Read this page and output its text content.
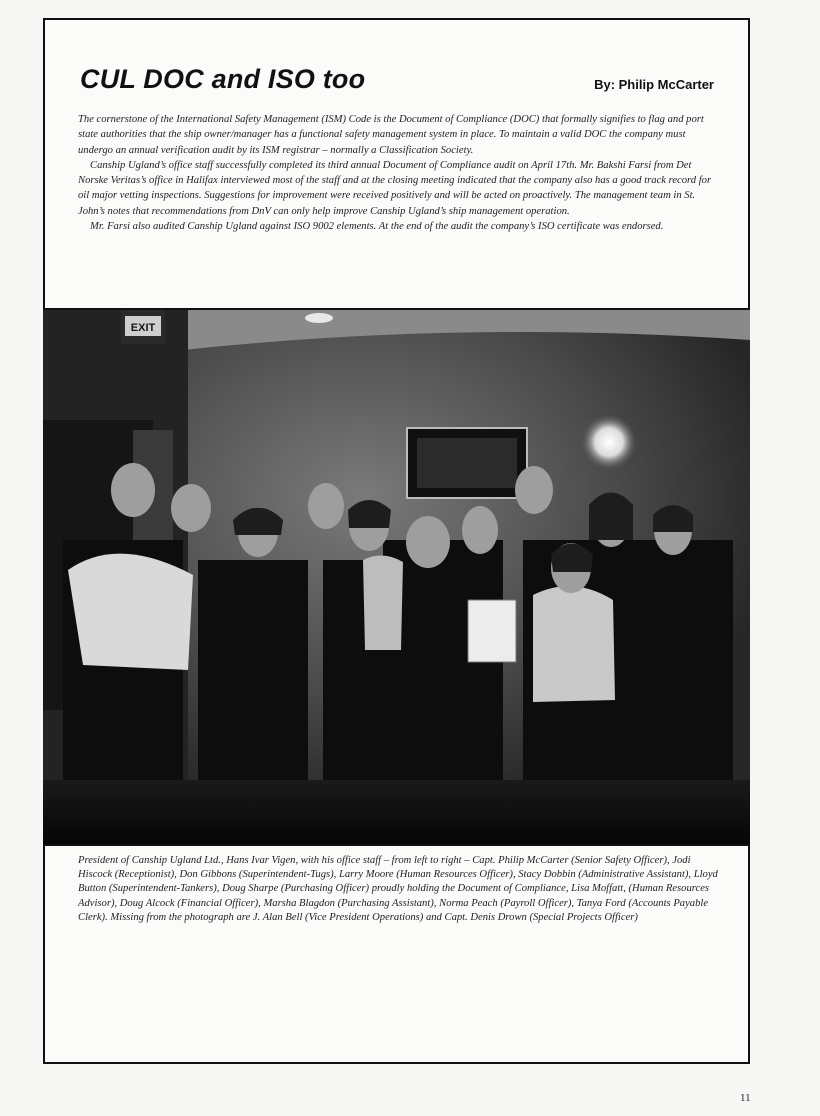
CUL DOC and ISO too	By: Philip McCarter

The cornerstone of the International Safety Management (ISM) Code is the Document of Compliance (DOC) that formally signifies to flag and port state authorities that the ship owner/manager has a functional safety management system in place. To maintain a valid DOC the company must undergo an annual verification audit by its ISM registrar – normally a Classification Society.

Canship Ugland’s office staff successfully completed its third annual Document of Compliance audit on April 17th. Mr. Bakshi Farsi from Det Norske Veritas’s office in Halifax interviewed most of the staff and at the closing meeting indicated that the company also has a good track record for oil major vetting inspections. Suggestions for improvement were received positively and will be acted on proactively. The management team in St. John’s notes that recommendations from DnV can only help improve Canship Ugland’s ship management operation.

Mr. Farsi also audited Canship Ugland against ISO 9002 elements. At the end of the audit the company’s ISO certificate was endorsed.

EXIT
President of Canship Ugland Ltd., Hans Ivar Vigen, with his office staff – from left to right – Capt. Philip McCarter (Senior Safety Officer), Jodi Hiscock (Receptionist), Don Gibbons (Superintendent-Tugs), Larry Moore (Human Resources Officer), Stacy Dobbin (Administrative Assistant), Lloyd Button (Superintendent-Tankers), Doug Sharpe (Purchasing Officer) proudly holding the Document of Compliance, Lisa Moffatt, (Human Resources Advisor), Doug Alcock (Financial Officer), Marsha Blagdon (Purchasing Assistant), Norma Peach (Payroll Officer), Tanya Ford (Accounts Payable Clerk). Missing from the photograph are J. Alan Bell (Vice President Operations) and Capt. Denis Drown (Special Projects Officer)
11
